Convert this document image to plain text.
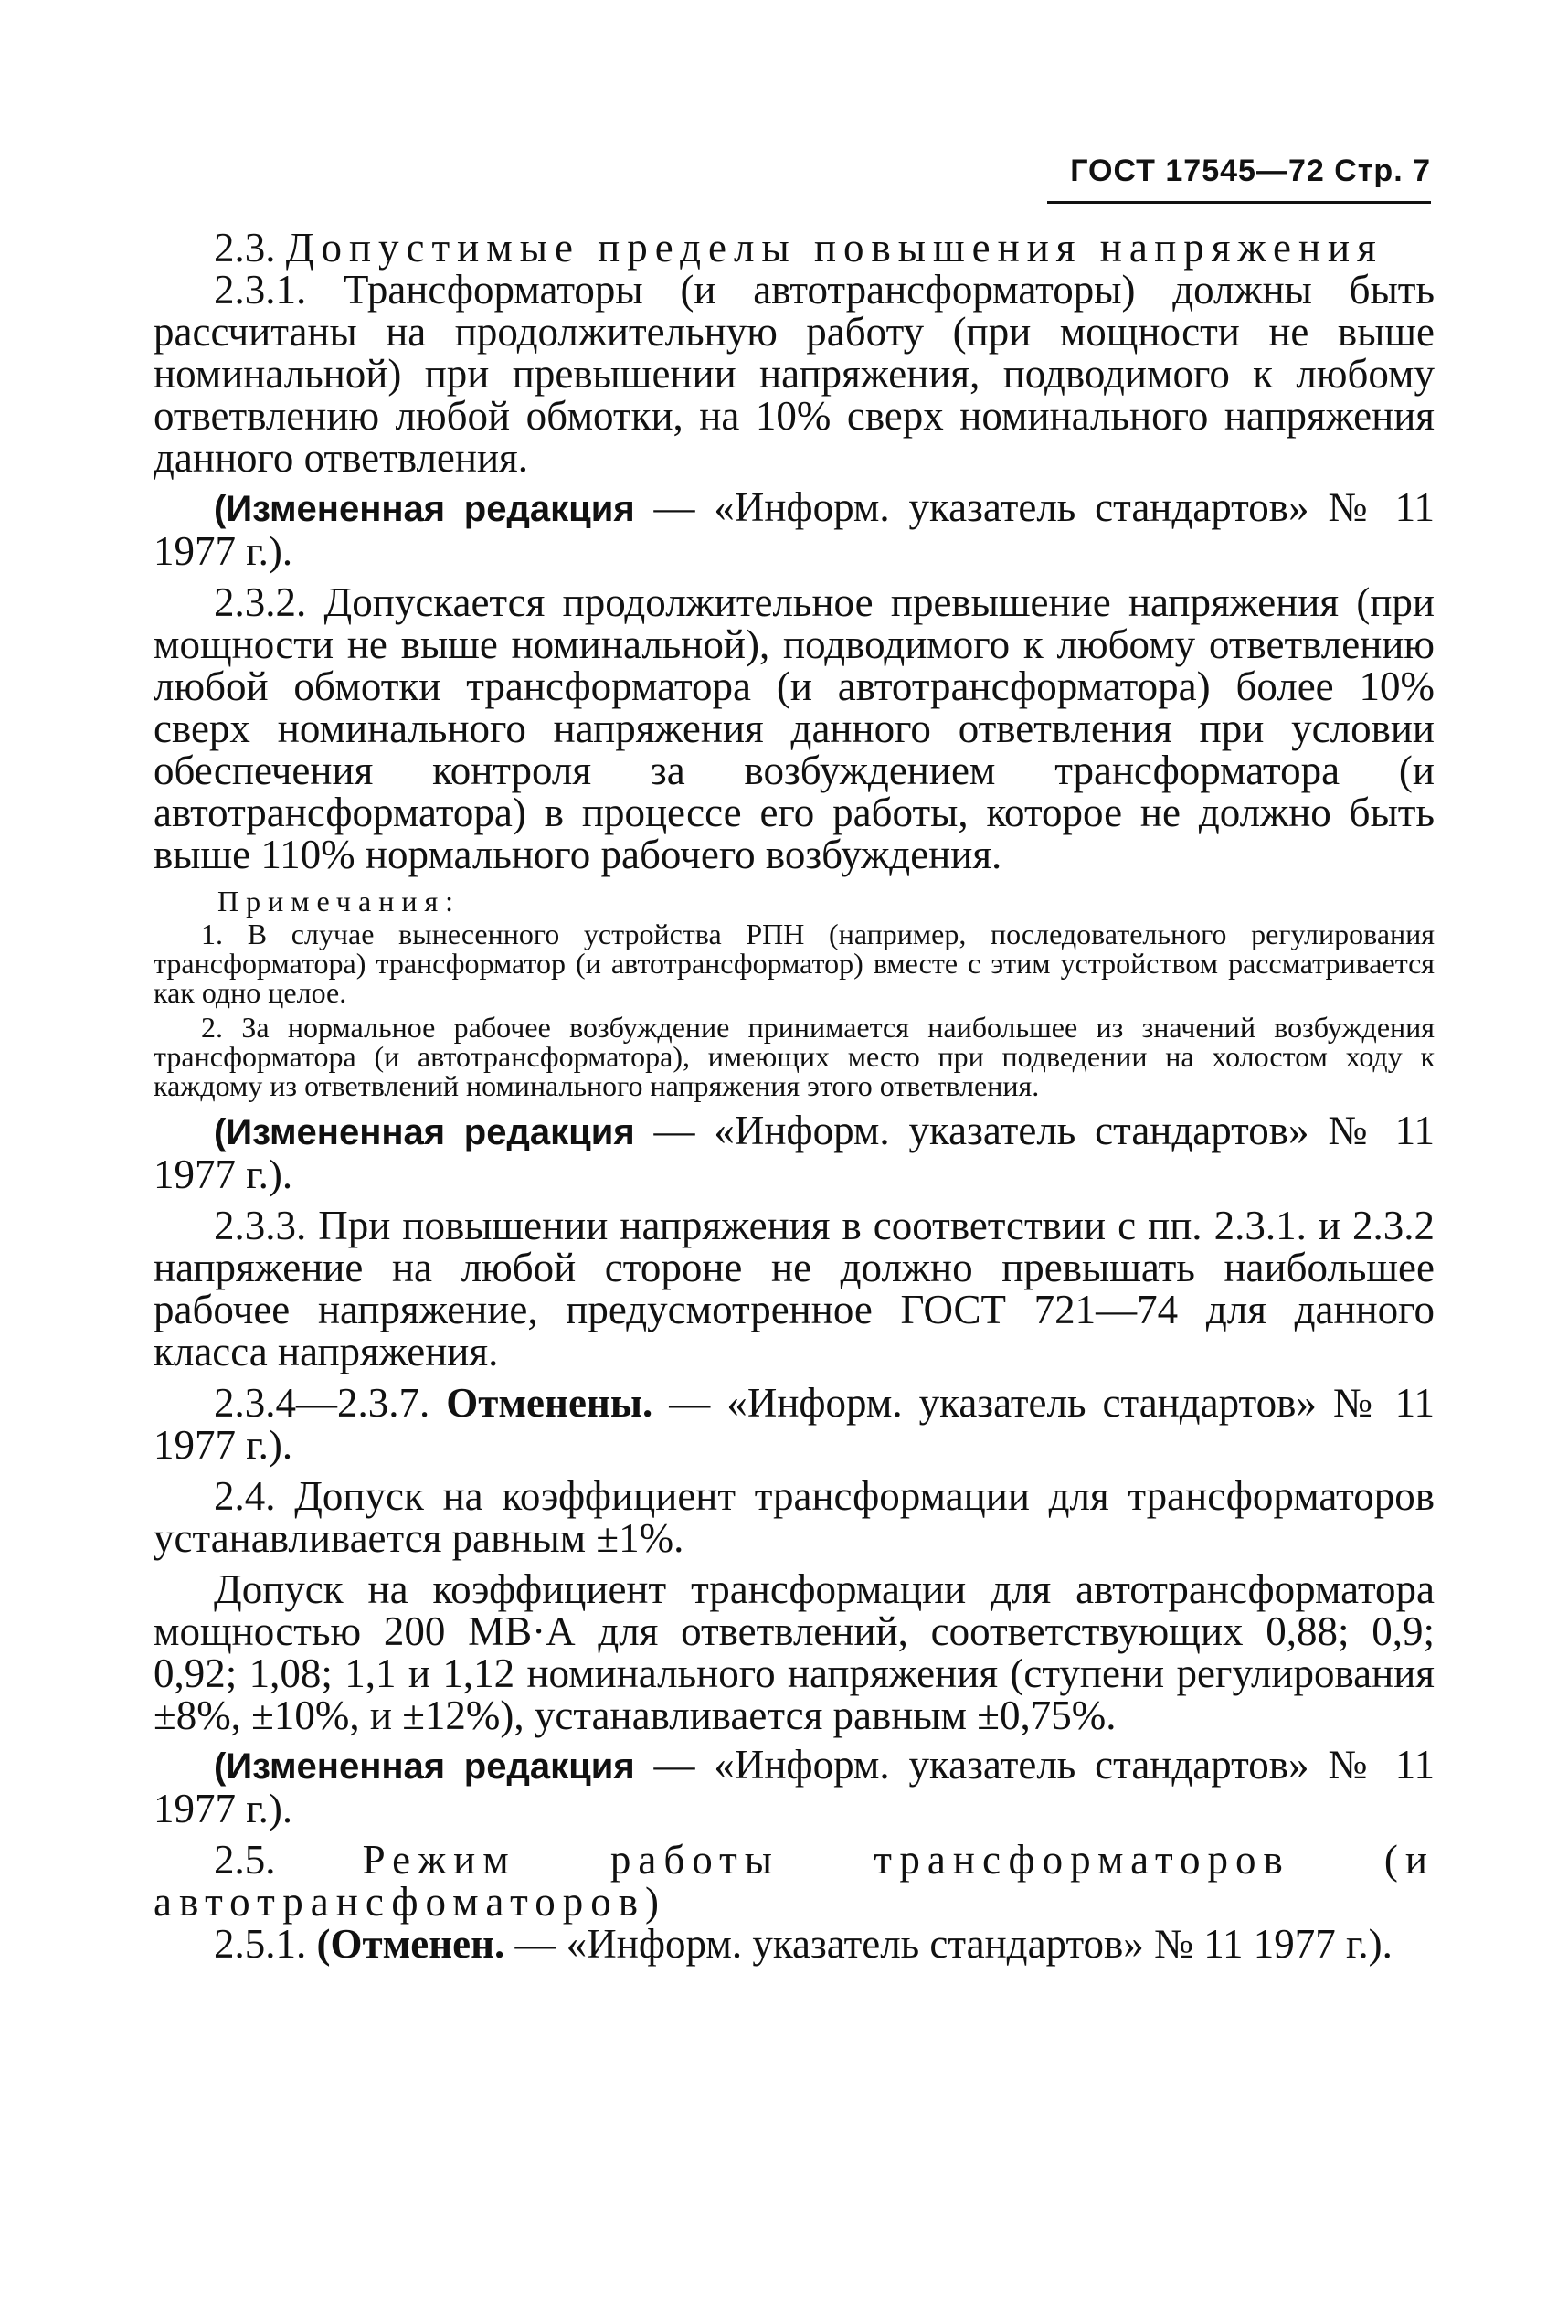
ГОСТ 17545—72 Стр. 7

2.3. Допустимые пределы повышения напряжения

2.3.1. Трансформаторы (и автотрансформаторы) должны быть рассчитаны на продолжительную работу (при мощности не выше номинальной) при превышении напряжения, подводимого к любому ответвлению любой обмотки, на 10% сверх номинального напряжения данного ответвления.

(Измененная редакция — «Информ. указатель стандартов» № 11 1977 г.).

2.3.2. Допускается продолжительное превышение напряжения (при мощности не выше номинальной), подводимого к любому ответвлению любой обмотки трансформатора (и автотрансформатора) более 10% сверх номинального напряжения данного ответвления при условии обеспечения контроля за возбуждением трансформатора (и автотрансформатора) в процессе его работы, которое не должно быть выше 110% нормального рабочего возбуждения.

Примечания:

1. В случае вынесенного устройства РПН (например, последовательного регулирования трансформатора) трансформатор (и автотрансформатор) вместе с этим устройством рассматривается как одно целое.

2. За нормальное рабочее возбуждение принимается наибольшее из значений возбуждения трансформатора (и автотрансформатора), имеющих место при подведении на холостом ходу к каждому из ответвлений номинального напряжения этого ответвления.

(Измененная редакция — «Информ. указатель стандартов» № 11 1977 г.).

2.3.3. При повышении напряжения в соответствии с пп. 2.3.1. и 2.3.2 напряжение на любой стороне не должно превышать наибольшее рабочее напряжение, предусмотренное ГОСТ 721—74 для данного класса напряжения.

2.3.4—2.3.7. Отменены. — «Информ. указатель стандартов» № 11 1977 г.).

2.4. Допуск на коэффициент трансформации для трансформаторов устанавливается равным ±1%.

Допуск на коэффициент трансформации для автотрансформатора мощностью 200 МВ·А для ответвлений, соответствующих 0,88; 0,9; 0,92; 1,08; 1,1 и 1,12 номинального напряжения (ступени регулирования ±8%, ±10%, и ±12%), устанавливается равным ±0,75%.

(Измененная редакция — «Информ. указатель стандартов» № 11 1977 г.).

2.5. Режим работы трансформаторов (и автотрансфоматоров)

2.5.1. (Отменен. — «Информ. указатель стандартов» № 11 1977 г.).
